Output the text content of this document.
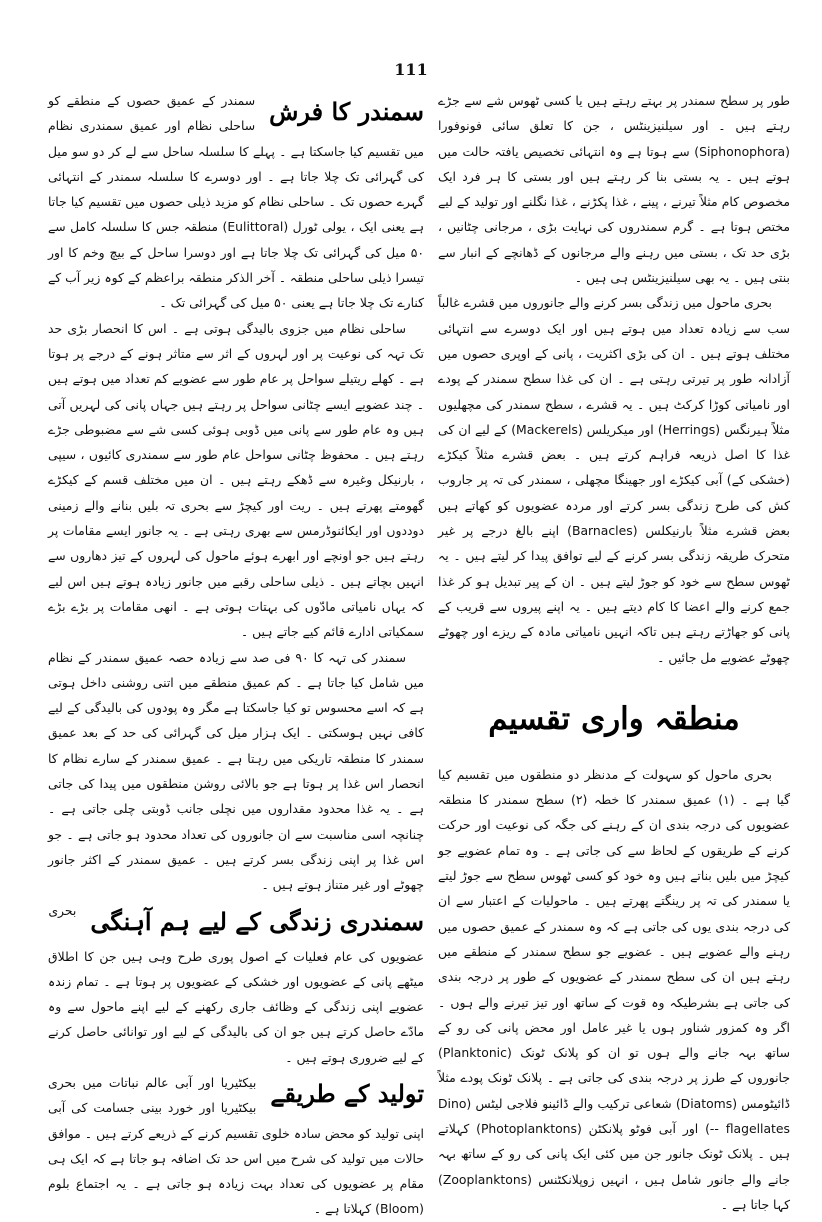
111

طور پر سطح سمندر پر بہتے رہتے ہیں یا کسی ٹھوس شے سے جڑے رہتے ہیں ۔ اور سیلنیزینٹس ، جن کا تعلق سائی فونوفورا (Siphonophora) سے ہوتا ہے وہ انتہائی تخصیص یافتہ حالت میں ہوتے ہیں ۔ یہ بستی بنا کر رہتے ہیں اور بستی کا ہر فرد ایک مخصوص کام مثلاً تیرنے ، پینے ، غذا پکڑنے ، غذا نگلنے اور تولید کے لیے مختص ہوتا ہے ۔ گرم سمندروں کی نہایت بڑی ، مرجانی چٹانیں ، بڑی حد تک ، بستی میں رہنے والے مرجانوں کے ڈھانچے کے انبار سے بنتی ہیں ۔ یہ بھی سیلنیزینٹس ہی ہیں ۔

بحری ماحول میں زندگی بسر کرنے والے جانوروں میں قشرے غالباً سب سے زیادہ تعداد میں ہوتے ہیں اور ایک دوسرے سے انتہائی مختلف ہوتے ہیں ۔ ان کی بڑی اکثریت ، پانی کے اوپری حصوں میں آزادانہ طور پر تیرتی رہتی ہے ۔ ان کی غذا سطح سمندر کے پودے اور نامیاتی کوڑا کرکٹ ہیں ۔ یہ قشرے ، سطح سمندر کی مچھلیوں مثلاً ہیرنگس (Herrings) اور میکریلس (Mackerels) کے لیے ان کی غذا کا اصل ذریعہ فراہم کرتے ہیں ۔ بعض قشرے مثلاً کیکڑے (خشکی کے) آبی کیکڑے اور جھینگا مچھلی ، سمندر کی تہ پر جاروب کش کی طرح زندگی بسر کرتے اور مردہ عضویوں کو کھاتے ہیں بعض قشرے مثلاً بارنیکلس (Barnacles) اپنے بالغ درجے پر غیر متحرک طریقہ زندگی بسر کرنے کے لیے توافق پیدا کر لیتے ہیں ۔ یہ ٹھوس سطح سے خود کو جوڑ لیتے ہیں ۔ ان کے پیر تبدیل ہو کر غذا جمع کرنے والے اعضا کا کام دیتے ہیں ۔ یہ اپنے پیروں سے قریب کے پانی کو جھاڑتے رہتے ہیں تاکہ انہیں نامیاتی مادہ کے ریزے اور چھوٹے چھوٹے عضویے مل جائیں ۔

منطقہ واری تقسیم

بحری ماحول کو سہولت کے مدنظر دو منطقوں میں تقسیم کیا گیا ہے ۔ (۱) عمیق سمندر کا خطہ (۲) سطح سمندر کا منطقہ عضویوں کی درجہ بندی ان کے رہنے کی جگہ کی نوعیت اور حرکت کرنے کے طریقوں کے لحاظ سے کی جاتی ہے ۔ وہ تمام عضویے جو کیچڑ میں بلیں بناتے ہیں وہ خود کو کسی ٹھوس سطح سے جوڑ لیتے یا سمندر کی تہ پر رینگتے پھرتے ہیں ۔ ماحولیات کے اعتبار سے ان کی درجہ بندی یوں کی جاتی ہے کہ وہ سمندر کے عمیق حصوں میں رہنے والے عضویے ہیں ۔ عضویے جو سطح سمندر کے منطقے میں رہتے ہیں ان کی سطح سمندر کے عضویوں کے طور پر درجہ بندی کی جاتی ہے بشرطیکہ وہ قوت کے ساتھ اور تیز تیرنے والے ہوں ۔ اگر وہ کمزور شناور ہوں یا غیر عامل اور محض پانی کی رو کے ساتھ بہہ جانے والے ہوں تو ان کو پلانک ٹونک (Planktonic) جانوروں کے طرز پر درجہ بندی کی جاتی ہے ۔ پلانک ٹونک پودے مثلاً ڈائیٹومس (Diatoms) شعاعی ترکیب والے ڈائینو فلاجی لیٹس (Dino -- flagellates) اور آبی فوٹو پلانکٹن (Photoplanktons) کہلاتے ہیں ۔ پلانک ٹونک جانور جن میں کئی ایک پانی کی رو کے ساتھ بہہ جانے والے جانور شامل ہیں ، انہیں زوپلانکٹنس (Zooplanktons) کہا جاتا ہے ۔

سمندر کا فرش
سمندر کے عمیق حصوں کے منطقے کو ساحلی نظام اور عمیق سمندری نظام میں تقسیم کیا جاسکتا ہے ۔ پہلے کا سلسلہ ساحل سے لے کر دو سو میل کی گہرائی تک چلا جاتا ہے ۔ اور دوسرے کا سلسلہ سمندر کے انتہائی گہرے حصوں تک ۔ ساحلی نظام کو مزید ذیلی حصوں میں تقسیم کیا جاتا ہے یعنی ایک ، یولی ٹورل (Eulittoral) منطقہ جس کا سلسلہ کامل سے ۵۰ میل کی گہرائی تک چلا جاتا ہے اور دوسرا ساحل کے بیچ وخم کا اور تیسرا ذیلی ساحلی منطقہ ۔ آخر الذکر منطقہ براعظم کے کوہ زیر آب کے کنارے تک چلا جاتا ہے یعنی ۵۰ میل کی گہرائی تک ۔

ساحلی نظام میں جزوی بالیدگی ہوتی ہے ۔ اس کا انحصار بڑی حد تک تہہ کی نوعیت پر اور لہروں کے اثر سے متاثر ہونے کے درجے پر ہوتا ہے ۔ کھلے ریتیلے سواحل پر عام طور سے عضویے کم تعداد میں ہوتے ہیں ۔ چند عضویے ایسے چٹانی سواحل پر رہتے ہیں جہاں پانی کی لہریں آتی ہیں وہ عام طور سے پانی میں ڈوبی ہوئی کسی شے سے مضبوطی جڑے رہتے ہیں ۔ محفوظ چٹانی سواحل عام طور سے سمندری کائیوں ، سیپی ، بارنیکل وغیرہ سے ڈھکے رہتے ہیں ۔ ان میں مختلف قسم کے کیکڑے گھومتے پھرتے ہیں ۔ ریت اور کیچڑ سے بحری تہ بلیں بنانے والے زمینی دوددوں اور ایکائنوڈرمس سے بھری رہتی ہے ۔ یہ جانور ایسے مقامات پر رہتے ہیں جو اونچے اور ابھرے ہوئے ماحول کی لہروں کے تیز دھاروں سے انہیں بچاتے ہیں ۔ ذیلی ساحلی رقبے میں جانور زیادہ ہوتے ہیں اس لیے کہ یہاں نامیاتی مادّوں کی بہتات ہوتی ہے ۔ انھی مقامات پر بڑے بڑے سمکیاتی ادارے قائم کیے جاتے ہیں ۔

سمندر کی تہہ کا ۹۰ فی صد سے زیادہ حصہ عمیق سمندر کے نظام میں شامل کیا جاتا ہے ۔ کم عمیق منطقے میں اتنی روشنی داخل ہوتی ہے کہ اسے محسوس تو کیا جاسکتا ہے مگر وہ پودوں کی بالیدگی کے لیے کافی نہیں ہوسکتی ۔ ایک ہزار میل کی گہرائی کی حد کے بعد عمیق سمندر کا منطقہ تاریکی میں رہتا ہے ۔ عمیق سمندر کے سارے نظام کا انحصار اس غذا پر ہوتا ہے جو بالائی روشن منطقوں میں پیدا کی جاتی ہے ۔ یہ غذا محدود مقداروں میں نچلی جانب ڈوبتی چلی جاتی ہے ۔ چنانچہ اسی مناسبت سے ان جانوروں کی تعداد محدود ہو جاتی ہے ۔ جو اس غذا پر اپنی زندگی بسر کرتے ہیں ۔ عمیق سمندر کے اکثر جانور چھوٹے اور غیر متناز ہوتے ہیں ۔

سمندری زندگی کے لیے ہم آہنگی
بحری عضویوں کی عام فعلیات کے اصول پوری طرح وہی ہیں جن کا اطلاق میٹھے پانی کے عضویوں اور خشکی کے عضویوں پر ہوتا ہے ۔ تمام زندہ عضویے اپنی زندگی کے وظائف جاری رکھنے کے لیے اپنے ماحول سے وہ مادّے حاصل کرتے ہیں جو ان کی بالیدگی کے لیے اور توانائی حاصل کرنے کے لیے ضروری ہوتے ہیں ۔

تولید کے طریقے
بیکٹیریا اور آبی عالم نباتات میں بحری بیکٹیریا اور خورد بینی جسامت کی آبی اپنی تولید کو محض سادہ خلوی تقسیم کرنے کے ذریعے کرتے ہیں ۔ موافق حالات میں تولید کی شرح میں اس حد تک اضافہ ہو جاتا ہے کہ ایک ہی مقام پر عضویوں کی تعداد بہت زیادہ ہو جاتی ہے ۔ یہ اجتماع بلوم (Bloom) کہلاتا ہے ۔
